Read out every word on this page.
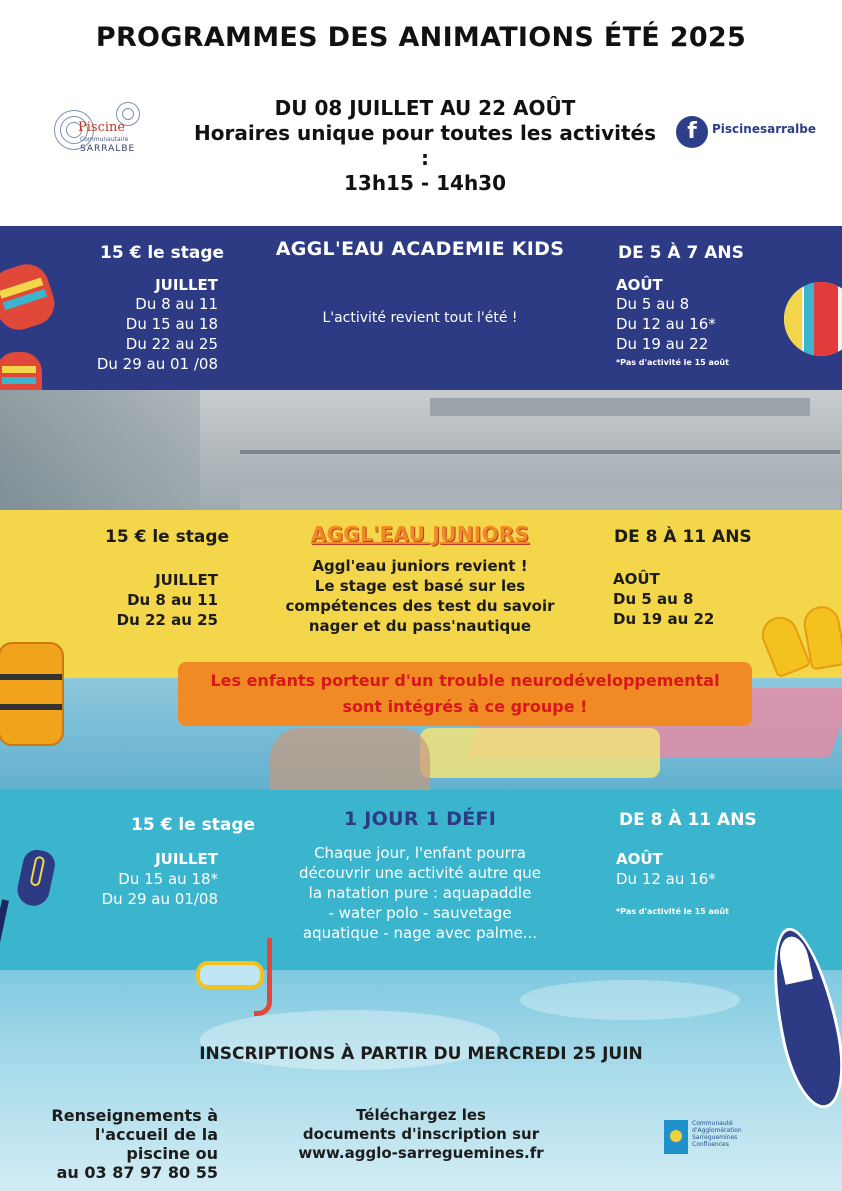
PROGRAMMES DES ANIMATIONS ÉTÉ 2025
Piscine
Communautaire
SARRALBE
DU 08 JUILLET AU 22 AOÛT
Horaires unique pour toutes les activités :
13h15 - 14h30
f	Piscinesarralbe
15 € le stage	AGGL'EAU ACADEMIE KIDS	DE 5 À 7 ANS
JUILLET
Du 8 au 11
Du 15 au 18
Du 22 au 25
Du 29 au 01 /08
L'activité revient tout l'été !
AOÛT
Du 5 au 8
Du 12 au 16*
Du 19 au 22
*Pas d'activité le 15 août
15 € le stage	AGGL'EAU JUNIORS	DE 8 À 11 ANS
JUILLET
Du 8 au 11
Du 22 au 25
Aggl'eau juniors revient !
Le stage est basé sur les
compétences des test du savoir
nager et du pass'nautique
AOÛT
Du 5 au 8
Du 19 au 22
Les enfants porteur d'un trouble neurodéveloppemental
sont intégrés à ce groupe !
15 € le stage	1 JOUR 1 DÉFI	DE 8 À 11 ANS
JUILLET
Du 15 au 18*
Du 29 au 01/08
Chaque jour, l'enfant pourra
découvrir une activité autre que
la natation pure : aquapaddle
- water polo - sauvetage
aquatique - nage avec palme...
AOÛT
Du 12 au 16*
*Pas d'activité le 15 août
INSCRIPTIONS À PARTIR DU MERCREDI 25 JUIN
Renseignements à
l'accueil de la
piscine ou
au 03 87 97 80 55
Téléchargez les
documents d'inscription sur
www.agglo-sarreguemines.fr
Communauté
d'Agglomération
Sarreguemines
Confluences
